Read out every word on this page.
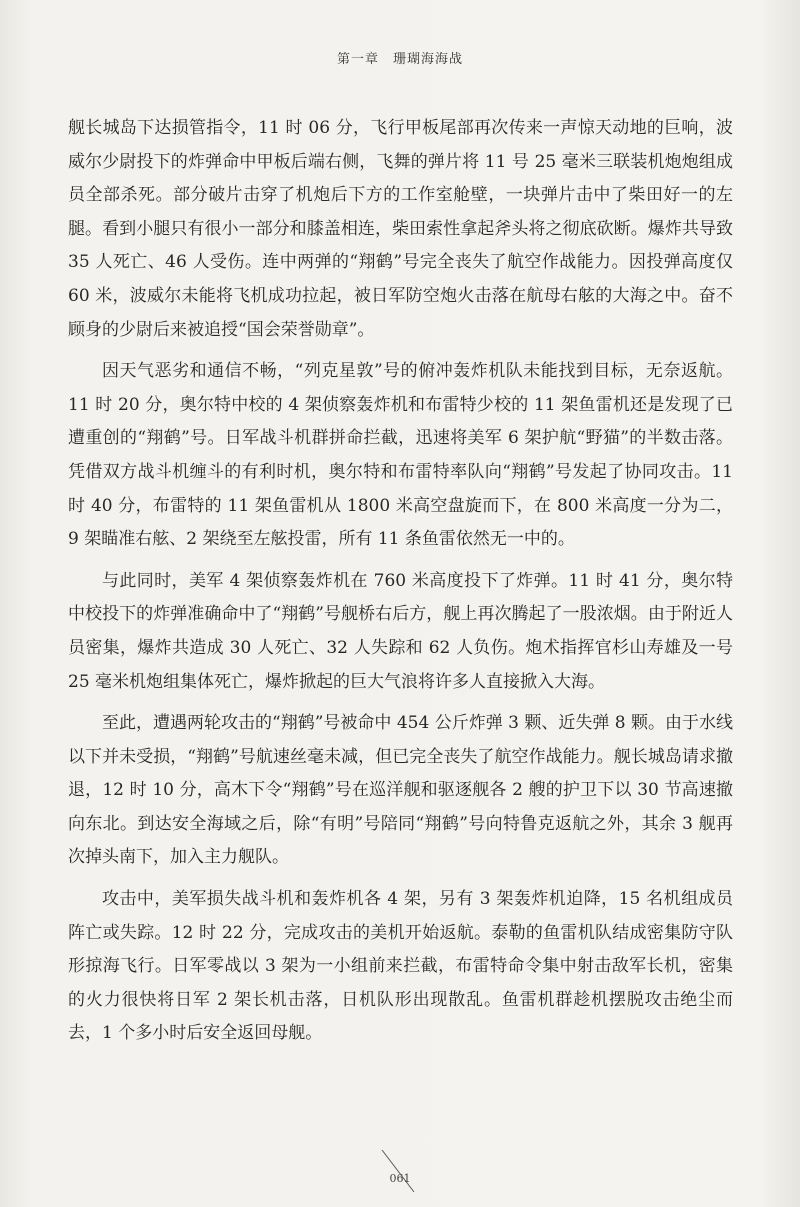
第一章　珊瑚海海战

舰长城岛下达损管指令，11 时 06 分，飞行甲板尾部再次传来一声惊天动地的巨响，波威尔少尉投下的炸弹命中甲板后端右侧，飞舞的弹片将 11 号 25 毫米三联装机炮炮组成员全部杀死。部分破片击穿了机炮后下方的工作室舱壁，一块弹片击中了柴田好一的左腿。看到小腿只有很小一部分和膝盖相连，柴田索性拿起斧头将之彻底砍断。爆炸共导致 35 人死亡、46 人受伤。连中两弹的“翔鹤”号完全丧失了航空作战能力。因投弹高度仅 60 米，波威尔未能将飞机成功拉起，被日军防空炮火击落在航母右舷的大海之中。奋不顾身的少尉后来被追授“国会荣誉勋章”。

因天气恶劣和通信不畅，“列克星敦”号的俯冲轰炸机队未能找到目标，无奈返航。11 时 20 分，奥尔特中校的 4 架侦察轰炸机和布雷特少校的 11 架鱼雷机还是发现了已遭重创的“翔鹤”号。日军战斗机群拼命拦截，迅速将美军 6 架护航“野猫”的半数击落。凭借双方战斗机缠斗的有利时机，奥尔特和布雷特率队向“翔鹤”号发起了协同攻击。11 时 40 分，布雷特的 11 架鱼雷机从 1800 米高空盘旋而下，在 800 米高度一分为二，9 架瞄准右舷、2 架绕至左舷投雷，所有 11 条鱼雷依然无一中的。

与此同时，美军 4 架侦察轰炸机在 760 米高度投下了炸弹。11 时 41 分，奥尔特中校投下的炸弹准确命中了“翔鹤”号舰桥右后方，舰上再次腾起了一股浓烟。由于附近人员密集，爆炸共造成 30 人死亡、32 人失踪和 62 人负伤。炮术指挥官杉山寿雄及一号 25 毫米机炮组集体死亡，爆炸掀起的巨大气浪将许多人直接掀入大海。

至此，遭遇两轮攻击的“翔鹤”号被命中 454 公斤炸弹 3 颗、近失弹 8 颗。由于水线以下并未受损，“翔鹤”号航速丝毫未减，但已完全丧失了航空作战能力。舰长城岛请求撤退，12 时 10 分，高木下令“翔鹤”号在巡洋舰和驱逐舰各 2 艘的护卫下以 30 节高速撤向东北。到达安全海域之后，除“有明”号陪同“翔鹤”号向特鲁克返航之外，其余 3 舰再次掉头南下，加入主力舰队。

攻击中，美军损失战斗机和轰炸机各 4 架，另有 3 架轰炸机迫降，15 名机组成员阵亡或失踪。12 时 22 分，完成攻击的美机开始返航。泰勒的鱼雷机队结成密集防守队形掠海飞行。日军零战以 3 架为一小组前来拦截，布雷特命令集中射击敌军长机，密集的火力很快将日军 2 架长机击落，日机队形出现散乱。鱼雷机群趁机摆脱攻击绝尘而去，1 个多小时后安全返回母舰。

061
